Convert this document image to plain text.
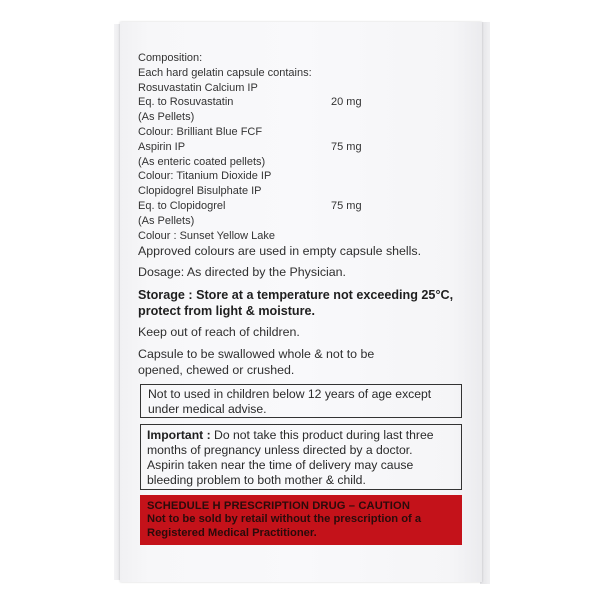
Composition:
Each hard gelatin capsule contains:
Rosuvastatin Calcium IP
Eq. to Rosuvastatin	20 mg
(As Pellets)
Colour: Brilliant Blue FCF
Aspirin IP	75 mg
(As enteric coated pellets)
Colour: Titanium Dioxide IP
Clopidogrel Bisulphate IP
Eq. to Clopidogrel	75 mg
(As Pellets)
Colour : Sunset Yellow Lake
Approved colours are used in empty capsule shells.
Dosage: As directed by the Physician.
Storage : Store at a temperature not exceeding 25°C,
protect from light & moisture.
Keep out of reach of children.
Capsule to be swallowed whole & not to be
opened, chewed or crushed.
Not to used in children below 12 years of age except
under medical advise.
Important : Do not take this product during last three
months of pregnancy unless directed by a doctor.
Aspirin taken near the time of delivery may cause
bleeding problem to both mother & child.
SCHEDULE H PRESCRIPTION DRUG – CAUTION
Not to be sold by retail without the prescription of a
Registered Medical Practitioner.
